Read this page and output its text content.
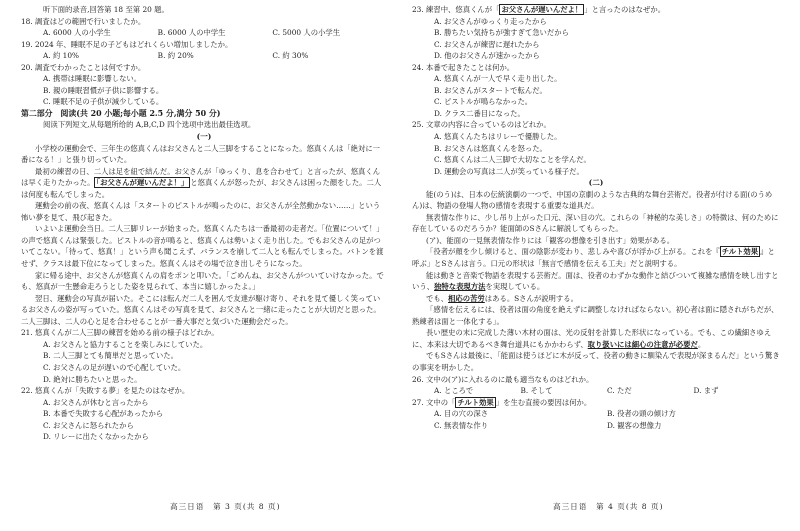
听下面的录音,回答第 18 至第 20 题。
18. 調査はどの範囲で行いましたか。
A. 6000 人の小学生	B. 6000 人の中学生	C. 5000 人の小学生
19. 2024 年、睡眠不足の子どもはどれくらい増加しましたか。
A. 約 10%	B. 約 20%	C. 約 30%
20. 調査でわかったことは何ですか。
A. 携帯は睡眠に影響しない。
B. 親の睡眠習慣が子供に影響する。
C. 睡眠不足の子供が減少している。
第二部分　阅读(共 20 小题;每小题 2.5 分,满分 50 分)
阅读下列短文,从每题所给的 A,B,C,D 四个选项中选出最佳选项。
(一)
小学校の運動会で、三年生の悠真くんはお父さんと二人三脚をすることになった。悠真くんは「絶対に一番になる！」と張り切っていた。
最初の練習の日、二人は足を紐で結んだ。お父さんが「ゆっくり、息を合わせて」と言ったが、悠真くんは早く走りたかった。 「お父さんが遅いんだよ！」 と悠真くんが怒ったが、お父さんは困った顔をした。二人は何度も転んでしまった。
運動会の前の夜、悠真くんは「スタートのピストルが鳴ったのに、お父さんが全然動かない……」という怖い夢を見て、飛び起きた。
いよいよ運動会当日。二人三脚リレーが始まった。悠真くんたちは一番最初の走者だ。「位置について！」の声で悠真くんは緊張した。ピストルの音が鳴ると、悠真くんは勢いよく走り出した。でもお父さんの足がついてこない。「待って、悠真！」という声も聞こえず、バランスを崩して二人とも転んでしまった。バトンを渡せず、クラスは最下位になってしまった。悠真くんはその場で泣き出しそうになった。
家に帰る途中、お父さんが悠真くんの肩をポンと叩いた。「ごめんね、お父さんがついていけなかった。でも、悠真が一生懸命走ろうとした姿を見られて、本当に嬉しかったよ。」
翌日、運動会の写真が届いた。そこには転んだ二人を囲んで友達が駆け寄り、それを見て優しく笑っているお父さんの姿が写っていた。悠真くんはその写真を見て、お父さんと一緒に走ったことが大切だと思った。二人三脚は、二人の心と足を合わせることが一番大事だと気づいた運動会だった。
21. 悠真くんが二人三脚の練習を始める前の様子はどれか。
A. お父さんと協力することを楽しみにしていた。
B. 二人三脚とても簡単だと思っていた。
C. お父さんの足が遅いので心配していた。
D. 絶対に勝ちたいと思った。
22. 悠真くんが「失敗する夢」を見たのはなぜか。
A. お父さんが休むと言ったから
B. 本番で失敗する心配があったから
C. お父さんに怒られたから
D. リレーに出たくなかったから
23. 練習中、悠真くんが「 お父さんが遅いんだよ！ 」と言ったのはなぜか。
A. お父さんがゆっくり走ったから
B. 勝ちたい気持ちが強すぎて急いだから
C. お父さんが練習に遅れたから
D. 他のお父さんが速かったから
24. 本番で起きたことは何か。
A. 悠真くんが一人で早く走り出した。
B. お父さんがスタートで転んだ。
C. ピストルが鳴らなかった。
D. クラス二番目になった。
25. 文章の内容に合っているのはどれか。
A. 悠真くんたちはリレーで優勝した。
B. お父さんは悠真くんを怒った。
C. 悠真くんは二人三脚で大切なことを学んだ。
D. 運動会の写真は二人が笑っている様子だ。
(二)
能(のう)は、日本の伝統演劇の一つで、中国の京劇のような古典的な舞台芸術だ。役者が付ける面(のうめん)は、物語の登場人物の感情を表現する重要な道具だ。
無表情な作りに、少し吊り上がった口元、深い目の穴。これらの「神秘的な美しさ」の特徴は、何のために存在しているのだろうか？能面師のSさんに解説してもらった。
(ア)、能面の一見無表情な作りには「観客の想像を引き出す」効果がある。
「役者が顔を少し傾けると、面の陰影が変わり、悲しみや喜びが浮かび上がる。これを『 チルト効果 』と呼ぶ」とSさんは言う。口元の形状は「無言で感情を伝える工夫」だと説明する。
能は動きと音楽で物語を表現する芸術だ。面は、役者のわずかな動作と結びついて複雑な感情を映し出すという、独特な表現方法を実現している。
でも、相応の苦労はある。Sさんが説明する。
「感情を伝えるには、役者は面の角度を絶えずに調整しなければならない。初心者は面に隠されがちだが、熟練者は面と一体化する」。
長い歴史の末に完成した薄い木材の面は、光の反射を計算した形状になっている。でも、この繊細さゆえに、本来は大切であるべき舞台道具にもかかわらず、取り扱いには細心の注意が必要だ。
でもSさんは最後に、「能面は使うほどに木が反って、役者の動きに馴染んで表現が深まるんだ」という驚きの事実を明かした。
26. 文中の(ア)に入れるのに最も適当なものはどれか。
A. ところで	B. そして	C. ただ	D. まず
27. 文中の「 チルト効果 」を生む直接の要因は何か。
A. 目の穴の深さ	B. 役者の頭の傾け方
C. 無表情な作り	D. 観客の想像力
高三日语　第 3 页(共 8 页)	高三日语　第 4 页(共 8 页)
